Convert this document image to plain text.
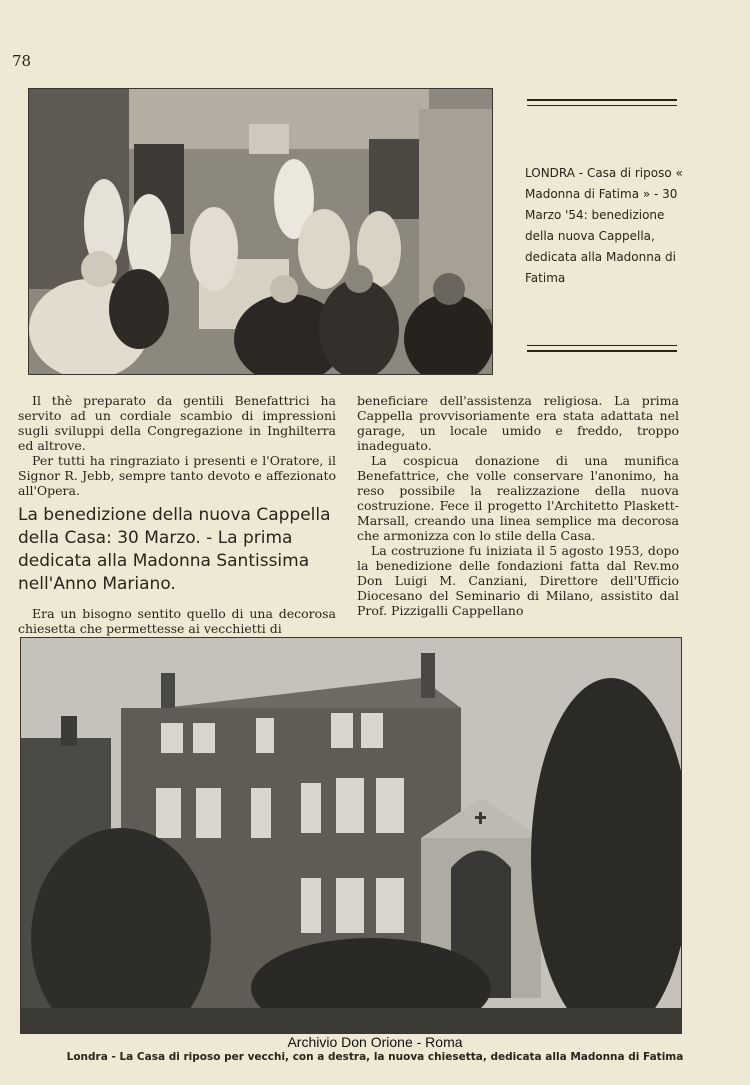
78
LONDRA - Casa di riposo « Madonna di Fatima » - 30 Marzo '54: benedizione della nuova Cappella, dedicata alla Madonna di Fatima

Il thè preparato da gentili Benefattrici ha servito ad un cordiale scambio di impressioni sugli sviluppi della Congregazione in Inghilterra ed altrove.

Per tutti ha ringraziato i presenti e l'Oratore, il Signor R. Jebb, sempre tanto devoto e affezionato all'Opera.

La benedizione della nuova Cappella della Casa: 30 Marzo. - La prima dedicata alla Madonna Santissima nell'Anno Mariano.

Era un bisogno sentito quello di una decorosa chiesetta che permettesse ai vecchietti di

beneficiare dell'assistenza religiosa. La prima Cappella provvisoriamente era stata adattata nel garage, un locale umido e freddo, troppo inadeguato.

La cospicua donazione di una munifica Benefattrice, che volle conservare l'anonimo, ha reso possibile la realizzazione della nuova costruzione. Fece il progetto l'Architetto Plaskett-Marsall, creando una linea semplice ma decorosa che armonizza con lo stile della Casa.

La costruzione fu iniziata il 5 agosto 1953, dopo la benedizione delle fondazioni fatta dal Rev.mo Don Luigi M. Canziani, Direttore dell'Ufficio Diocesano del Seminario di Milano, assistito dal Prof. Pizzigalli Cappellano

Archivio Don Orione - Roma
Londra - La Casa di riposo per vecchi, con a destra, la nuova chiesetta, dedicata alla Madonna di Fatima
